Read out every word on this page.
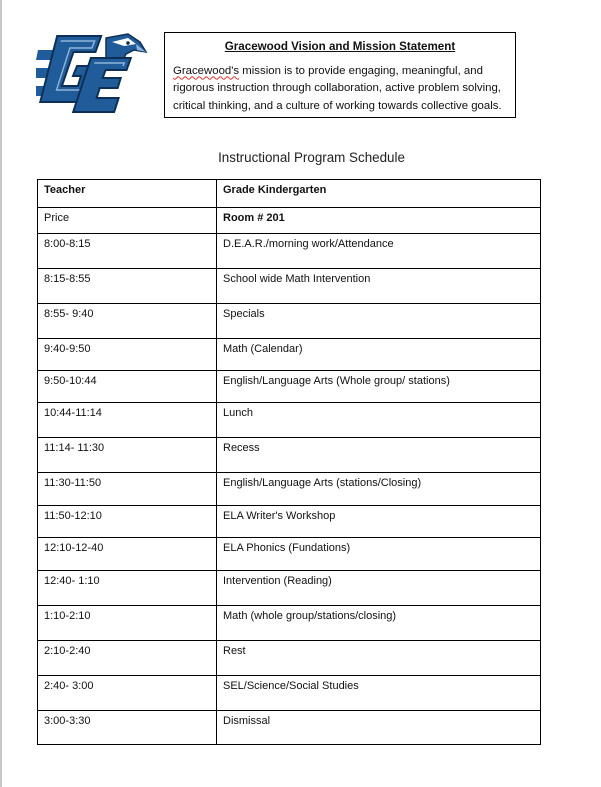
Gracewood Vision and Mission Statement
Gracewood's mission is to provide engaging, meaningful, and
rigorous instruction through collaboration, active problem solving,
critical thinking, and a culture of working towards collective goals.
Instructional Program Schedule
Teacher	Grade Kindergarten
Price	Room # 201
8:00-8:15	D.E.A.R./morning work/Attendance
8:15-8:55	School wide Math Intervention
8:55- 9:40	Specials
9:40-9:50	Math (Calendar)
9:50-10:44	English/Language Arts (Whole group/ stations)
10:44-11:14	Lunch
11:14- 11:30	Recess
11:30-11:50	English/Language Arts (stations/Closing)
11:50-12:10	ELA Writer's Workshop
12:10-12-40	ELA Phonics (Fundations)
12:40- 1:10	Intervention (Reading)
1:10-2:10	Math (whole group/stations/closing)
2:10-2:40	Rest
2:40- 3:00	SEL/Science/Social Studies
3:00-3:30	Dismissal
